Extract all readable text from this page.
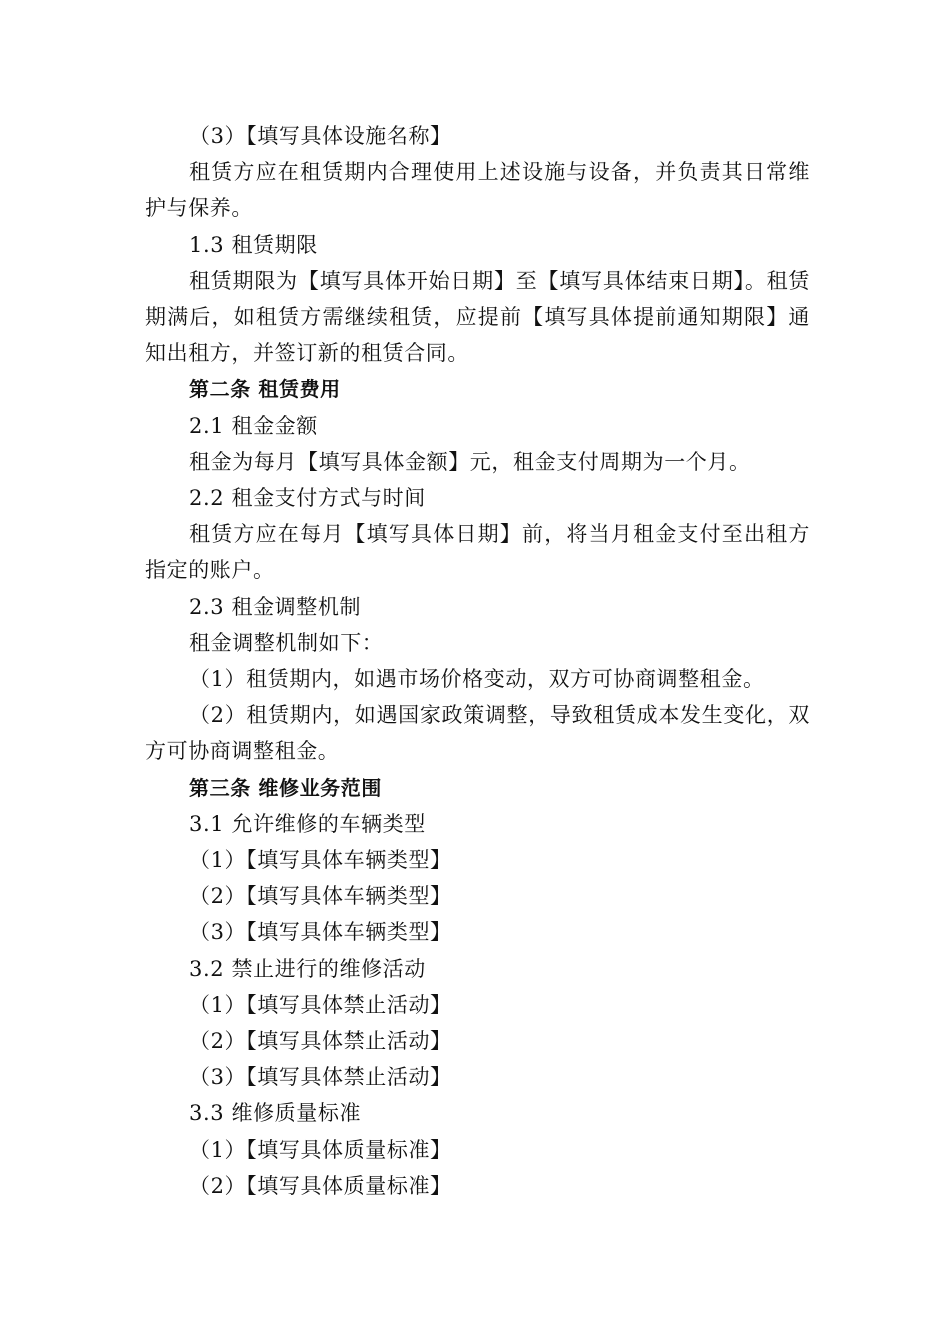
（3）【填写具体设施名称】

租赁方应在租赁期内合理使用上述设施与设备，并负责其日常维护与保养。

1.3 租赁期限

租赁期限为【填写具体开始日期】至【填写具体结束日期】。租赁期满后，如租赁方需继续租赁，应提前【填写具体提前通知期限】通知出租方，并签订新的租赁合同。

第二条 租赁费用

2.1 租金金额

租金为每月【填写具体金额】元，租金支付周期为一个月。

2.2 租金支付方式与时间

租赁方应在每月【填写具体日期】前，将当月租金支付至出租方指定的账户。

2.3 租金调整机制

租金调整机制如下：

（1）租赁期内，如遇市场价格变动，双方可协商调整租金。

（2）租赁期内，如遇国家政策调整，导致租赁成本发生变化，双方可协商调整租金。

第三条 维修业务范围

3.1 允许维修的车辆类型

（1）【填写具体车辆类型】

（2）【填写具体车辆类型】

（3）【填写具体车辆类型】

3.2 禁止进行的维修活动

（1）【填写具体禁止活动】

（2）【填写具体禁止活动】

（3）【填写具体禁止活动】

3.3 维修质量标准

（1）【填写具体质量标准】

（2）【填写具体质量标准】
